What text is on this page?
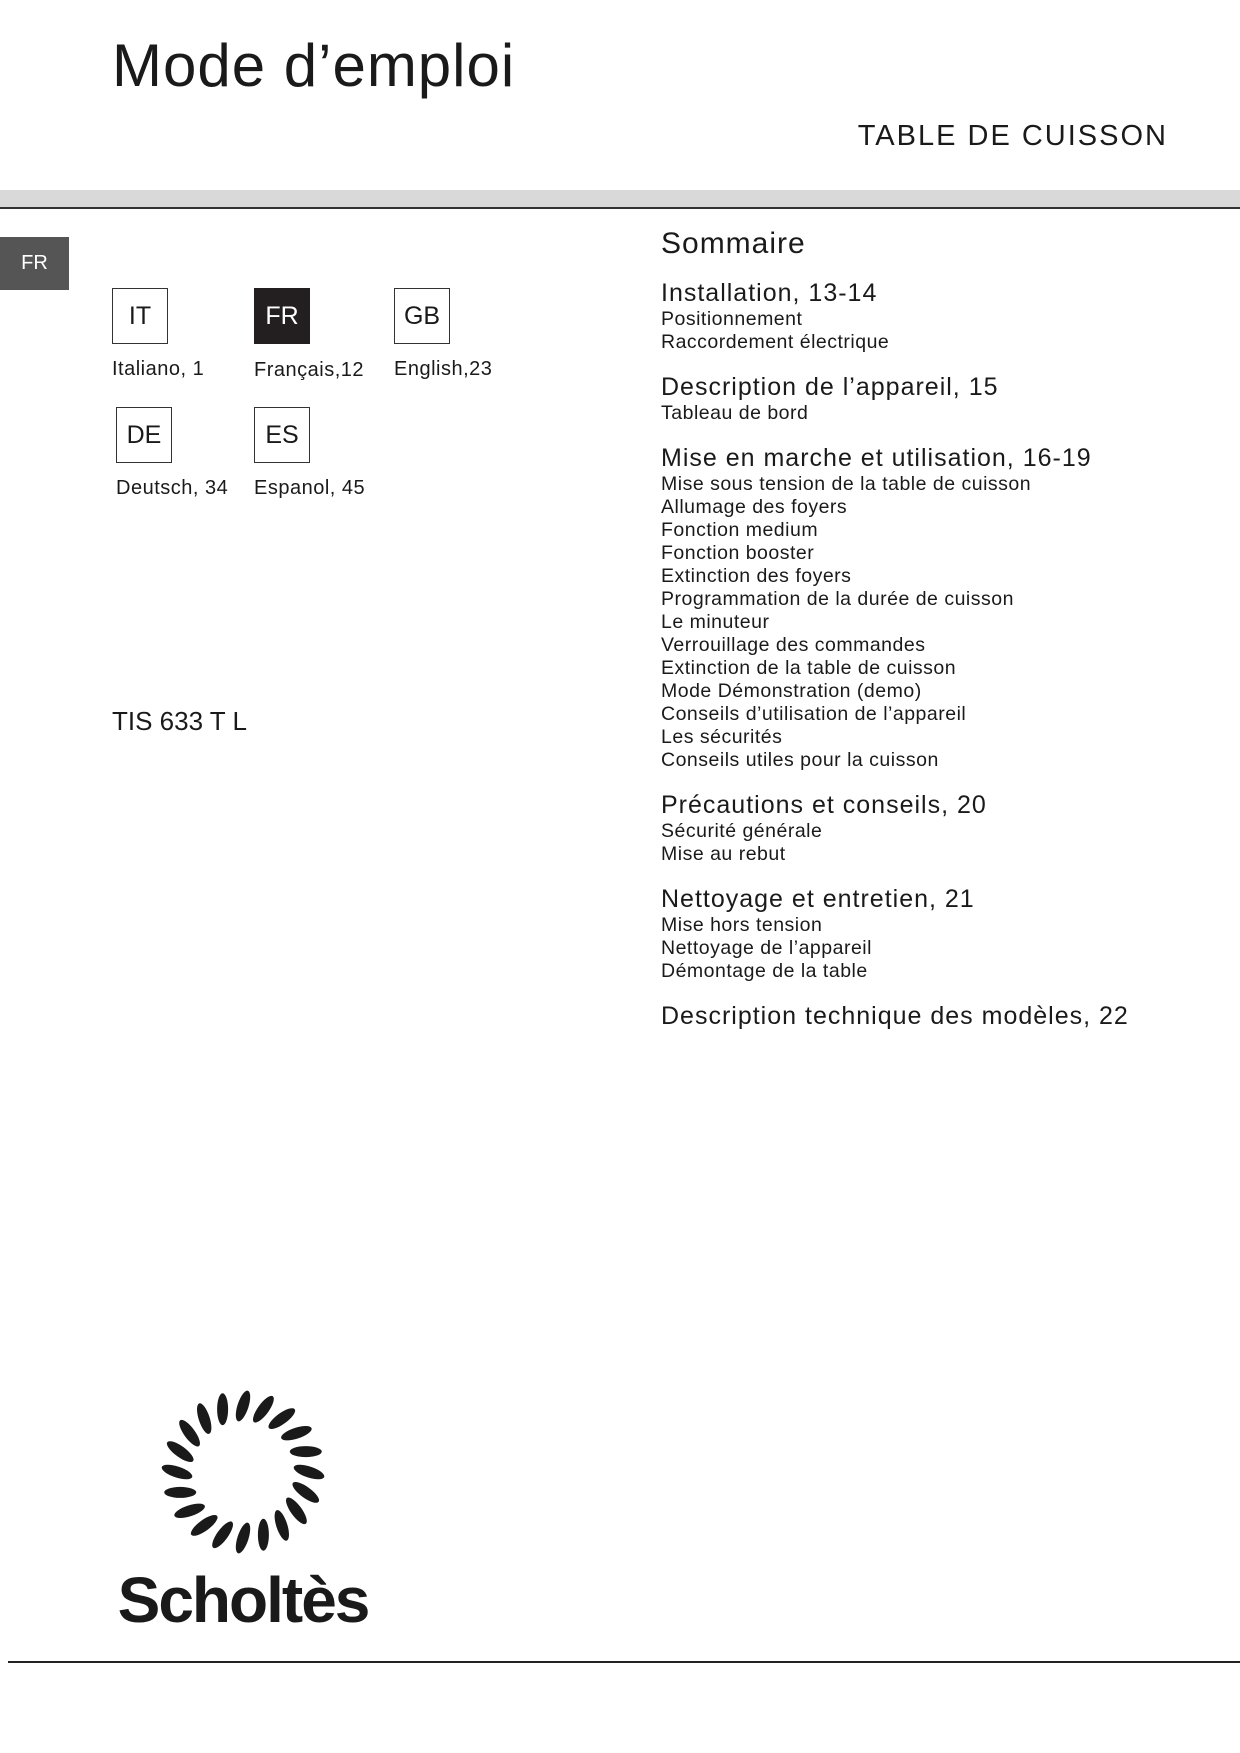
Mode d’emploi
TABLE DE CUISSON
FR
IT
Italiano, 1
FR
Français,12
GB
English,23
DE
Deutsch, 34
ES
Espanol, 45
TIS 633 T L
Sommaire
Installation, 13-14
Positionnement
Raccordement électrique
Description de l’appareil, 15
Tableau de bord
Mise en marche et utilisation, 16-19
Mise sous tension de la table de cuisson
Allumage des foyers
Fonction medium
Fonction booster
Extinction des foyers
Programmation de la durée de cuisson
Le minuteur
Verrouillage des commandes
Extinction de la table de cuisson
Mode Démonstration (demo)
Conseils d’utilisation de l’appareil
Les sécurités
Conseils utiles pour la cuisson
Précautions et conseils, 20
Sécurité générale
Mise au rebut
Nettoyage et entretien, 21
Mise hors tension
Nettoyage de l’appareil
Démontage de la table
Description technique des modèles, 22
Scholtès
